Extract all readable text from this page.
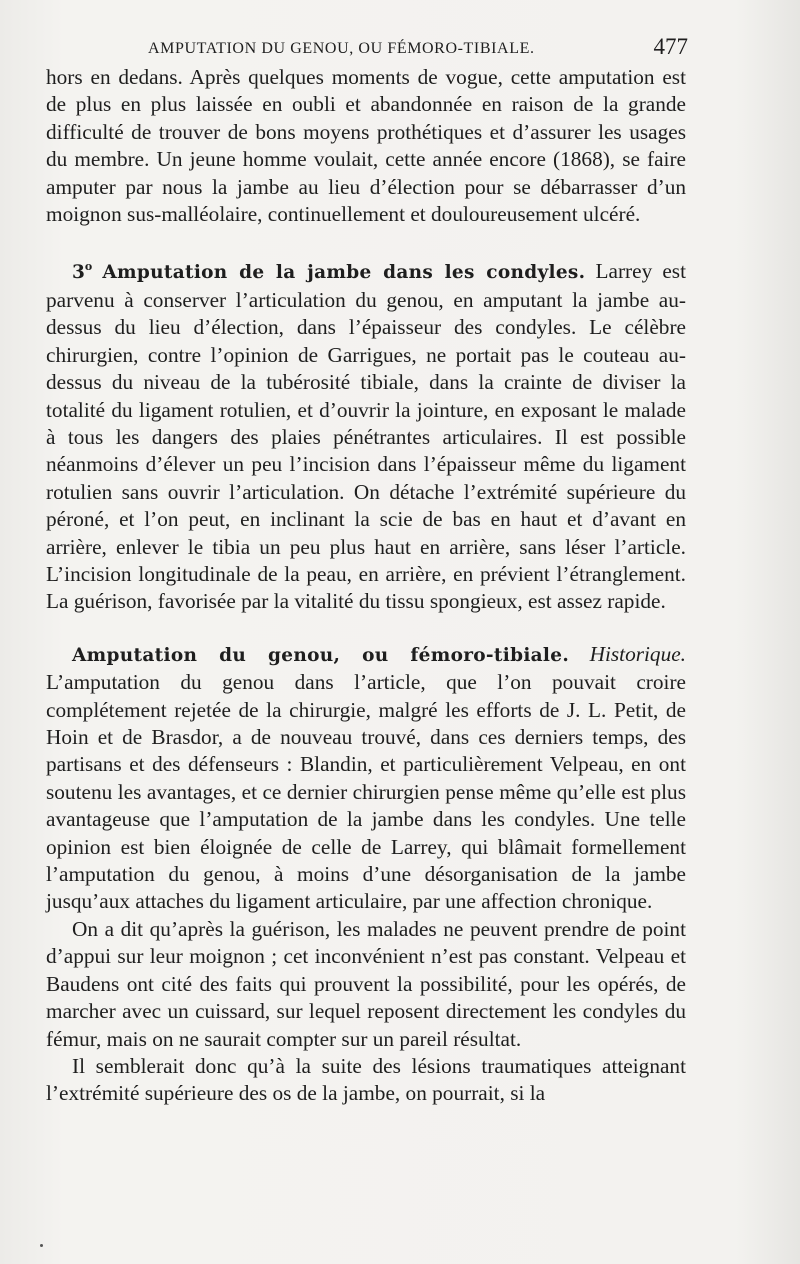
AMPUTATION DU GENOU, OU FÉMORO-TIBIALE.	477

hors en dedans. Après quelques moments de vogue, cette amputation est de plus en plus laissée en oubli et abandonnée en raison de la grande difficulté de trouver de bons moyens prothétiques et d’assurer les usages du membre. Un jeune homme voulait, cette année encore (1868), se faire amputer par nous la jambe au lieu d’élection pour se débarrasser d’un moignon sus-malléolaire, continuellement et douloureusement ulcéré.

3$^o$ Amputation de la jambe dans les condyles. Larrey est parvenu à conserver l’articulation du genou, en amputant la jambe au-dessus du lieu d’élection, dans l’épaisseur des condyles. Le célèbre chirurgien, contre l’opinion de Garrigues, ne portait pas le couteau au-dessus du niveau de la tubérosité tibiale, dans la crainte de diviser la totalité du ligament rotulien, et d’ouvrir la jointure, en exposant le malade à tous les dangers des plaies pénétrantes articulaires. Il est possible néanmoins d’élever un peu l’incision dans l’épaisseur même du ligament rotulien sans ouvrir l’articulation. On détache l’extrémité supérieure du péroné, et l’on peut, en inclinant la scie de bas en haut et d’avant en arrière, enlever le tibia un peu plus haut en arrière, sans léser l’article. L’incision longitudinale de la peau, en arrière, en prévient l’étranglement. La guérison, favorisée par la vitalité du tissu spongieux, est assez rapide.

Amputation du genou, ou fémoro-tibiale. Historique. L’amputation du genou dans l’article, que l’on pouvait croire complétement rejetée de la chirurgie, malgré les efforts de J. L. Petit, de Hoin et de Brasdor, a de nouveau trouvé, dans ces derniers temps, des partisans et des défenseurs : Blandin, et particulièrement Velpeau, en ont soutenu les avantages, et ce dernier chirurgien pense même qu’elle est plus avantageuse que l’amputation de la jambe dans les condyles. Une telle opinion est bien éloignée de celle de Larrey, qui blâmait formellement l’amputation du genou, à moins d’une désorganisation de la jambe jusqu’aux attaches du ligament articulaire, par une affection chronique.

On a dit qu’après la guérison, les malades ne peuvent prendre de point d’appui sur leur moignon ; cet inconvénient n’est pas constant. Velpeau et Baudens ont cité des faits qui prouvent la possibilité, pour les opérés, de marcher avec un cuissard, sur lequel reposent directement les condyles du fémur, mais on ne saurait compter sur un pareil résultat.

Il semblerait donc qu’à la suite des lésions traumatiques atteignant l’extrémité supérieure des os de la jambe, on pourrait, si la
